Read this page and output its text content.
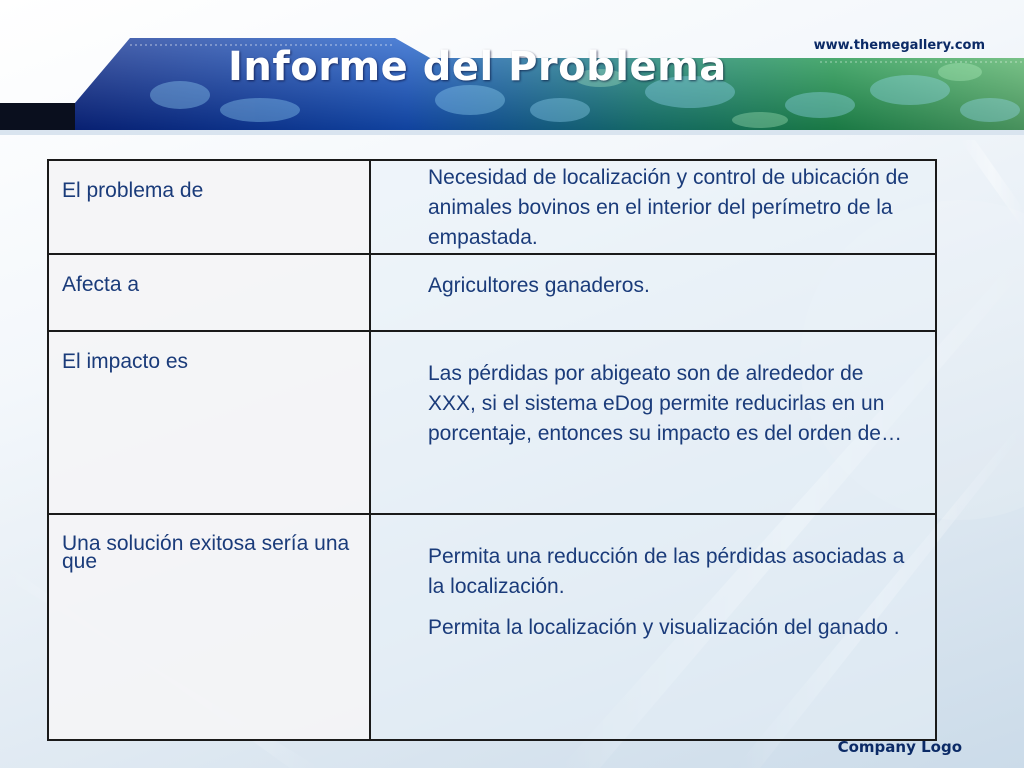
www.themegallery.com
Informe del Problema
El problema de	Necesidad de localización y control de ubicación de animales bovinos en el interior del perímetro de la empastada.

Afecta a	Agricultores ganaderos.

El impacto es	Las pérdidas por abigeato son de alrededor de XXX, si el sistema eDog permite reducirlas en un porcentaje, entonces su impacto es del orden de…

Una solución exitosa sería una que	Permita una reducción de las pérdidas asociadas a la localización.
Permita la localización y visualización del ganado .
Company Logo
